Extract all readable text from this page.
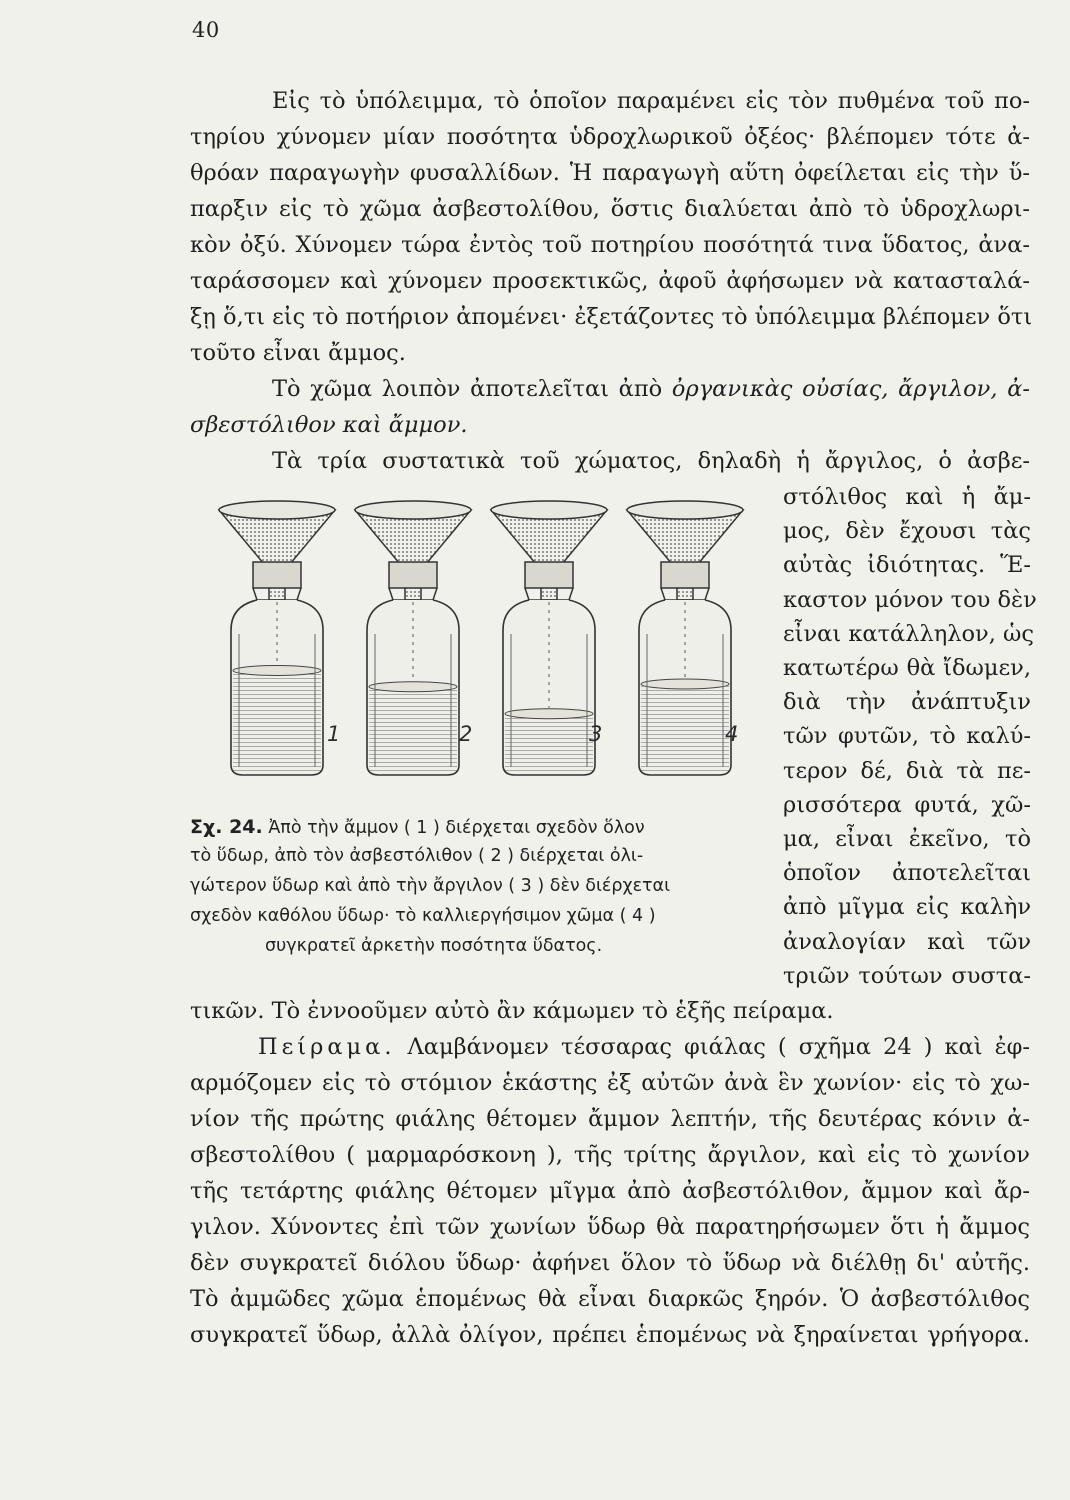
40
Εἰς τὸ ὑπόλειμμα, τὸ ὁποῖον παραμένει εἰς τὸν πυθμένα τοῦ πο-
τηρίου χύνομεν μίαν ποσότητα ὑδροχλωρικοῦ ὀξέος· βλέπομεν τότε ἀ-
θρόαν παραγωγὴν φυσαλλίδων. Ἡ παραγωγὴ αὕτη ὀφείλεται εἰς τὴν ὕ-
παρξιν εἰς τὸ χῶμα ἀσβεστολίθου, ὅστις διαλύεται ἀπὸ τὸ ὑδροχλωρι-
κὸν ὀξύ. Χύνομεν τώρα ἐντὸς τοῦ ποτηρίου ποσότητά τινα ὕδατος, ἀνα-
ταράσσομεν καὶ χύνομεν προσεκτικῶς, ἀφοῦ ἀφήσωμεν νὰ κατασταλά-
ξῃ ὅ,τι εἰς τὸ ποτήριον ἀπομένει· ἐξετάζοντες τὸ ὑπόλειμμα βλέπομεν ὅτι
τοῦτο εἶναι ἄμμος.
Τὸ χῶμα λοιπὸν ἀποτελεῖται ἀπὸ ὀργανικὰς οὐσίας, ἄργιλον, ἀ-
σβεστόλιθον καὶ ἄμμον.
Τὰ τρία συστατικὰ τοῦ χώματος, δηλαδὴ ἡ ἄργιλος, ὁ ἀσβε-
στόλιθος καὶ ἡ ἄμ-
μος, δὲν ἔχουσι τὰς
αὐτὰς ἰδιότητας. Ἕ-
καστον μόνον του δὲν
εἶναι κατάλληλον, ὡς
κατωτέρω θὰ ἴδωμεν,
διὰ τὴν ἀνάπτυξιν
τῶν φυτῶν, τὸ καλύ-
τερον δέ, διὰ τὰ πε-
ρισσότερα φυτά, χῶ-
μα, εἶναι ἐκεῖνο, τὸ
ὁποῖον ἀποτελεῖται
ἀπὸ μῖγμα εἰς καλὴν
ἀναλογίαν καὶ τῶν
τριῶν τούτων συστα-
τικῶν. Τὸ ἐννοοῦμεν αὐτὸ ἂν κάμωμεν τὸ ἑξῆς πείραμα.
1	2	3	4
Σχ. 24. Ἀπὸ τὴν ἄμμον ( 1 ) διέρχεται σχεδὸν ὅλον
τὸ ὕδωρ, ἀπὸ τὸν ἀσβεστόλιθον ( 2 ) διέρχεται ὀλι-
γώτερον ὕδωρ καὶ ἀπὸ τὴν ἄργιλον ( 3 ) δὲν διέρχεται
σχεδὸν καθόλου ὕδωρ· τὸ καλλιεργήσιμον χῶμα ( 4 )
συγκρατεῖ ἀρκετὴν ποσότητα ὕδατος.
Πείραμα. Λαμβάνομεν τέσσαρας φιάλας ( σχῆμα 24 ) καὶ ἐφ-
αρμόζομεν εἰς τὸ στόμιον ἑκάστης ἐξ αὐτῶν ἀνὰ ἓν χωνίον· εἰς τὸ χω-
νίον τῆς πρώτης φιάλης θέτομεν ἄμμον λεπτήν, τῆς δευτέρας κόνιν ἀ-
σβεστολίθου ( μαρμαρόσκονη ), τῆς τρίτης ἄργιλον, καὶ εἰς τὸ χωνίον
τῆς τετάρτης φιάλης θέτομεν μῖγμα ἀπὸ ἀσβεστόλιθον, ἄμμον καὶ ἄρ-
γιλον. Χύνοντες ἐπὶ τῶν χωνίων ὕδωρ θὰ παρατηρήσωμεν ὅτι ἡ ἄμμος
δὲν συγκρατεῖ διόλου ὕδωρ· ἀφήνει ὅλον τὸ ὕδωρ νὰ διέλθῃ δι' αὐτῆς.
Τὸ ἀμμῶδες χῶμα ἑπομένως θὰ εἶναι διαρκῶς ξηρόν. Ὁ ἀσβεστόλιθος
συγκρατεῖ ὕδωρ, ἀλλὰ ὀλίγον, πρέπει ἑπομένως νὰ ξηραίνεται γρήγορα.
